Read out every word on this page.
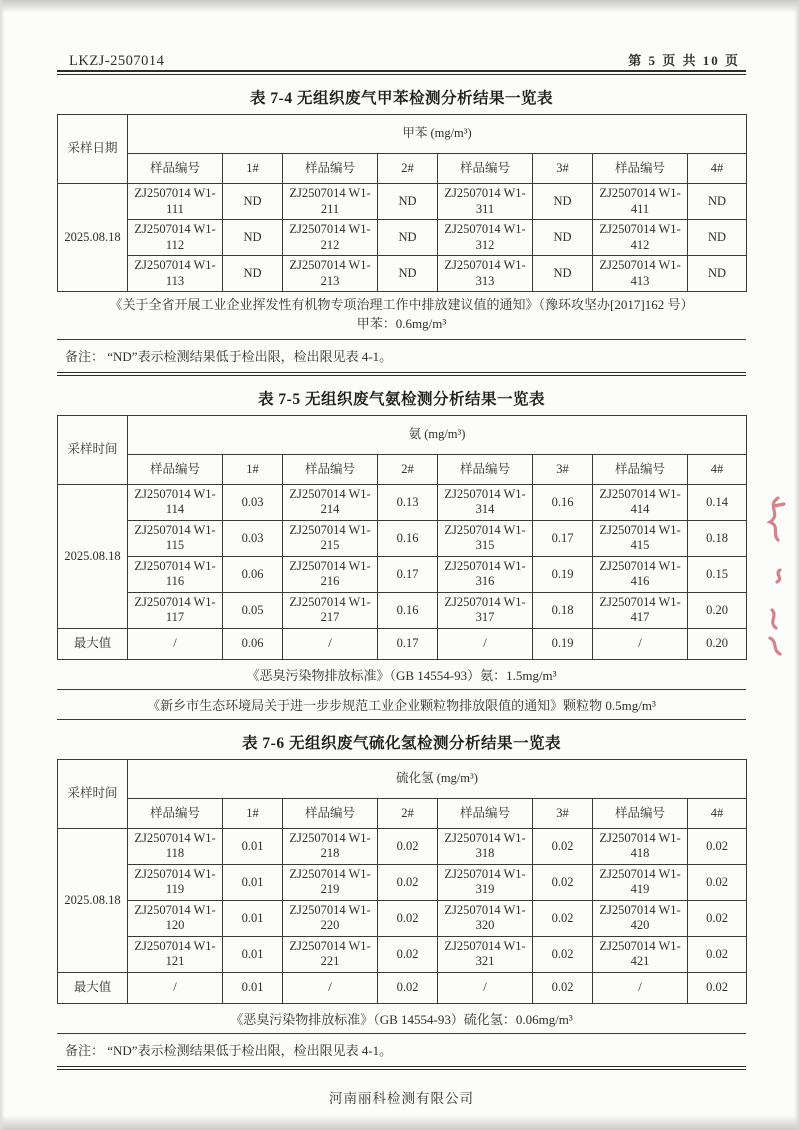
LKZJ-2507014	第 5 页 共 10 页
表 7-4 无组织废气甲苯检测分析结果一览表
采样日期	甲苯 (mg/m³)							
	样品编号	1#	样品编号	2#	样品编号	3#	样品编号	4#
2025.08.18	ZJ2507014 W1-111	ND	ZJ2507014 W1-211	ND	ZJ2507014 W1-311	ND	ZJ2507014 W1-411	ND
	ZJ2507014 W1-112	ND	ZJ2507014 W1-212	ND	ZJ2507014 W1-312	ND	ZJ2507014 W1-412	ND
	ZJ2507014 W1-113	ND	ZJ2507014 W1-213	ND	ZJ2507014 W1-313	ND	ZJ2507014 W1-413	ND
《关于全省开展工业企业挥发性有机物专项治理工作中排放建议值的通知》（豫环攻坚办[2017]162 号）
甲苯：0.6mg/m³
备注： “ND”表示检测结果低于检出限，检出限见表 4-1。
表 7-5 无组织废气氨检测分析结果一览表
采样时间	氨 (mg/m³)							
	样品编号	1#	样品编号	2#	样品编号	3#	样品编号	4#
2025.08.18	ZJ2507014 W1-114	0.03	ZJ2507014 W1-214	0.13	ZJ2507014 W1-314	0.16	ZJ2507014 W1-414	0.14
	ZJ2507014 W1-115	0.03	ZJ2507014 W1-215	0.16	ZJ2507014 W1-315	0.17	ZJ2507014 W1-415	0.18
	ZJ2507014 W1-116	0.06	ZJ2507014 W1-216	0.17	ZJ2507014 W1-316	0.19	ZJ2507014 W1-416	0.15
	ZJ2507014 W1-117	0.05	ZJ2507014 W1-217	0.16	ZJ2507014 W1-317	0.18	ZJ2507014 W1-417	0.20
最大值	/	0.06	/	0.17	/	0.19	/	0.20
《恶臭污染物排放标准》（GB 14554-93）氨：1.5mg/m³
《新乡市生态环境局关于进一步步规范工业企业颗粒物排放限值的通知》颗粒物 0.5mg/m³
表 7-6 无组织废气硫化氢检测分析结果一览表
采样时间	硫化氢 (mg/m³)							
	样品编号	1#	样品编号	2#	样品编号	3#	样品编号	4#
2025.08.18	ZJ2507014 W1-118	0.01	ZJ2507014 W1-218	0.02	ZJ2507014 W1-318	0.02	ZJ2507014 W1-418	0.02
	ZJ2507014 W1-119	0.01	ZJ2507014 W1-219	0.02	ZJ2507014 W1-319	0.02	ZJ2507014 W1-419	0.02
	ZJ2507014 W1-120	0.01	ZJ2507014 W1-220	0.02	ZJ2507014 W1-320	0.02	ZJ2507014 W1-420	0.02
	ZJ2507014 W1-121	0.01	ZJ2507014 W1-221	0.02	ZJ2507014 W1-321	0.02	ZJ2507014 W1-421	0.02
最大值	/	0.01	/	0.02	/	0.02	/	0.02
《恶臭污染物排放标准》（GB 14554-93）硫化氢：0.06mg/m³
备注： “ND”表示检测结果低于检出限，检出限见表 4-1。
河南丽科检测有限公司
